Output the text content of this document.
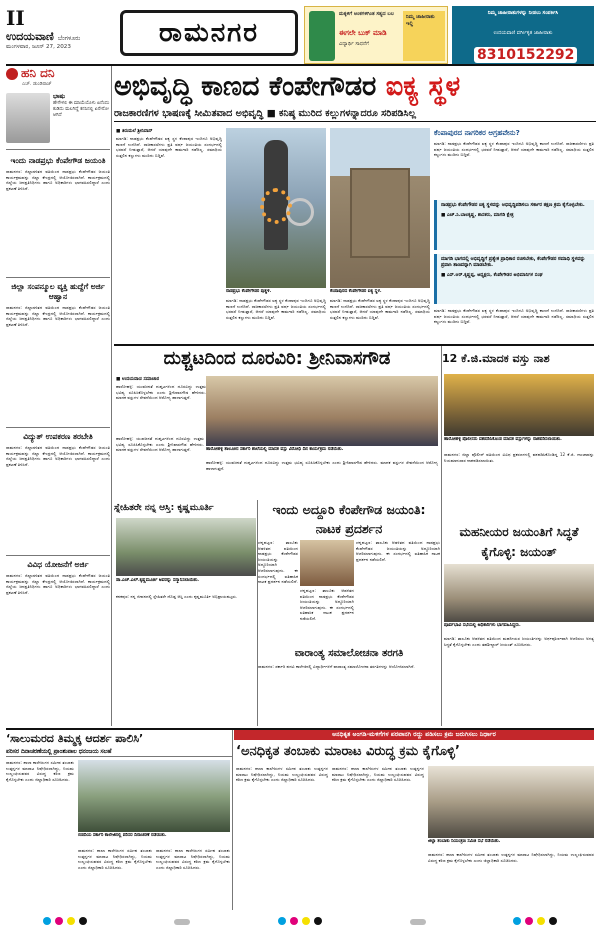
II
ಉದಯವಾಣಿ ಬೆಂಗಳೂರು
ಮಂಗಳವಾರ, ಜೂನ್ 27, 2023	ರಾಮನಗರ
ಮಕ್ಕಳಿಗೆ ಅಂಕಗಳಿಗಿಂತ ಸತ್ಯದ ಬಲ
ಈಗಲೇ ಬುಕ್ ಮಾಡಿ
ವಿದ್ಯಾರ್ಥಿ ಸಾಧನೆಗೆ
ನಿಮ್ಮ ಜಾಹೀರಾತು ಇಲ್ಲಿ
ನಿಮ್ಮ ಜಾಹೀರಾತುಗಳನ್ನು ನೀಡಲು ಸಂಪರ್ಕಿಸಿ
ಉದಯವಾಣಿ ವರ್ಗೀಕೃತ ಜಾಹೀರಾತು
8310152292
ಹನಿ ದನಿ
ಎಚ್. ಡುಂಡಿರಾಜ್
ಭಾಷು
ಹೇಗೇಳಲಿ ಈ ಮಾಯೆಯೊಳು ಏನೆಂದು ಕುಡಿದು ಮಲಗಿದ್ದೆ ಕನಸಿನಲ್ಲಿ ಏನೇನೋ ಆಗಿದೆ
ಇಂದು ನಾಡಪ್ರಭು ಕೆಂಪೇಗೌಡ ಜಯಂತಿ
ರಾಮನಗರ: ಜಿಲ್ಲಾಡಳಿತದ ವತಿಯಿಂದ ನಾಡಪ್ರಭು ಕೆಂಪೇಗೌಡರ ಜಯಂತಿ ಕಾರ್ಯಕ್ರಮವನ್ನು ಜಿಲ್ಲಾ ಕೇಂದ್ರದಲ್ಲಿ ಆಯೋಜಿಸಲಾಗಿದೆ. ಕಾರ್ಯಕ್ರಮದಲ್ಲಿ ಜಿಲ್ಲೆಯ ಜನಪ್ರತಿನಿಧಿಗಳು ಹಾಗೂ ಅಧಿಕಾರಿಗಳು ಭಾಗವಹಿಸಲಿದ್ದಾರೆ ಎಂದು ಪ್ರಕಟಣೆ ತಿಳಿಸಿದೆ.
ಜಿಲ್ಲಾ ಸಂಪನ್ಮೂಲ ವ್ಯಕ್ತಿ ಹುದ್ದೆಗೆ ಅರ್ಜಿ ಆಹ್ವಾನ
ರಾಮನಗರ: ಜಿಲ್ಲಾಡಳಿತದ ವತಿಯಿಂದ ನಾಡಪ್ರಭು ಕೆಂಪೇಗೌಡರ ಜಯಂತಿ ಕಾರ್ಯಕ್ರಮವನ್ನು ಜಿಲ್ಲಾ ಕೇಂದ್ರದಲ್ಲಿ ಆಯೋಜಿಸಲಾಗಿದೆ. ಕಾರ್ಯಕ್ರಮದಲ್ಲಿ ಜಿಲ್ಲೆಯ ಜನಪ್ರತಿನಿಧಿಗಳು ಹಾಗೂ ಅಧಿಕಾರಿಗಳು ಭಾಗವಹಿಸಲಿದ್ದಾರೆ ಎಂದು ಪ್ರಕಟಣೆ ತಿಳಿಸಿದೆ.
ವಿದ್ಯುತ್ ಉಪಕರಣ ತರಬೇತಿ
ರಾಮನಗರ: ಜಿಲ್ಲಾಡಳಿತದ ವತಿಯಿಂದ ನಾಡಪ್ರಭು ಕೆಂಪೇಗೌಡರ ಜಯಂತಿ ಕಾರ್ಯಕ್ರಮವನ್ನು ಜಿಲ್ಲಾ ಕೇಂದ್ರದಲ್ಲಿ ಆಯೋಜಿಸಲಾಗಿದೆ. ಕಾರ್ಯಕ್ರಮದಲ್ಲಿ ಜಿಲ್ಲೆಯ ಜನಪ್ರತಿನಿಧಿಗಳು ಹಾಗೂ ಅಧಿಕಾರಿಗಳು ಭಾಗವಹಿಸಲಿದ್ದಾರೆ ಎಂದು ಪ್ರಕಟಣೆ ತಿಳಿಸಿದೆ.
ವಿವಿಧ ಯೋಜನೆಗೆ ಅರ್ಜಿ
ರಾಮನಗರ: ಜಿಲ್ಲಾಡಳಿತದ ವತಿಯಿಂದ ನಾಡಪ್ರಭು ಕೆಂಪೇಗೌಡರ ಜಯಂತಿ ಕಾರ್ಯಕ್ರಮವನ್ನು ಜಿಲ್ಲಾ ಕೇಂದ್ರದಲ್ಲಿ ಆಯೋಜಿಸಲಾಗಿದೆ. ಕಾರ್ಯಕ್ರಮದಲ್ಲಿ ಜಿಲ್ಲೆಯ ಜನಪ್ರತಿನಿಧಿಗಳು ಹಾಗೂ ಅಧಿಕಾರಿಗಳು ಭಾಗವಹಿಸಲಿದ್ದಾರೆ ಎಂದು ಪ್ರಕಟಣೆ ತಿಳಿಸಿದೆ.
ಅಭಿವೃದ್ಧಿ ಕಾಣದ ಕೆಂಪೇಗೌಡರ ಐಕ್ಯ ಸ್ಥಳ
ರಾಜಕಾರಣಿಗಳ ಭಾಷಣಕ್ಕೆ ಸೀಮಿತವಾದ ಅಭಿವೃದ್ಧಿ ■ ಕನಿಷ್ಠ ಮುರಿದ ಕಲ್ಲುಗಳನ್ನಾದರೂ ಸರಿಪಡಿಸಿಲ್ಲ
■ ತಿರುಮಲೆ ಶ್ರೀನಿವಾಸ್
ಮಾಗಡಿ: ನಾಡಪ್ರಭು ಕೆಂಪೇಗೌಡರ ಐಕ್ಯ ಸ್ಥಳ ಕೆಂಪಾಪುರ ಇಂದಿಗೂ ಅಭಿವೃದ್ಧಿ ಕಾಣದೆ ಉಳಿದಿದೆ. ರಾಜಕಾರಣಿಗಳು ಪ್ರತಿ ವರ್ಷ ಜಯಂತಿಯ ಸಂದರ್ಭದಲ್ಲಿ ಭರವಸೆ ನೀಡುತ್ತಾರೆ, ಆದರೆ ಯಾವುದೇ ಕಾಮಗಾರಿ ನಡೆದಿಲ್ಲ. ಸಮಾಧಿಯ ಸುತ್ತಲಿನ ಕಲ್ಲುಗಳು ಮುರಿದು ಬಿದ್ದಿವೆ.
ನಾಡಪ್ರಭು ಕೆಂಪೇಗೌಡರ ಪುತ್ಥಳಿ.	ಕೆಂಪಾಪುರದ ಕೆಂಪೇಗೌಡರ ಐಕ್ಯ ಸ್ಥಳ.
ಮಾಗಡಿ: ನಾಡಪ್ರಭು ಕೆಂಪೇಗೌಡರ ಐಕ್ಯ ಸ್ಥಳ ಕೆಂಪಾಪುರ ಇಂದಿಗೂ ಅಭಿವೃದ್ಧಿ ಕಾಣದೆ ಉಳಿದಿದೆ. ರಾಜಕಾರಣಿಗಳು ಪ್ರತಿ ವರ್ಷ ಜಯಂತಿಯ ಸಂದರ್ಭದಲ್ಲಿ ಭರವಸೆ ನೀಡುತ್ತಾರೆ, ಆದರೆ ಯಾವುದೇ ಕಾಮಗಾರಿ ನಡೆದಿಲ್ಲ. ಸಮಾಧಿಯ ಸುತ್ತಲಿನ ಕಲ್ಲುಗಳು ಮುರಿದು ಬಿದ್ದಿವೆ.
ಮಾಗಡಿ: ನಾಡಪ್ರಭು ಕೆಂಪೇಗೌಡರ ಐಕ್ಯ ಸ್ಥಳ ಕೆಂಪಾಪುರ ಇಂದಿಗೂ ಅಭಿವೃದ್ಧಿ ಕಾಣದೆ ಉಳಿದಿದೆ. ರಾಜಕಾರಣಿಗಳು ಪ್ರತಿ ವರ್ಷ ಜಯಂತಿಯ ಸಂದರ್ಭದಲ್ಲಿ ಭರವಸೆ ನೀಡುತ್ತಾರೆ, ಆದರೆ ಯಾವುದೇ ಕಾಮಗಾರಿ ನಡೆದಿಲ್ಲ. ಸಮಾಧಿಯ ಸುತ್ತಲಿನ ಕಲ್ಲುಗಳು ಮುರಿದು ಬಿದ್ದಿವೆ.
ಕೆಂಪಾಪುರದ ನಾಗರಿಕರ ಆಗ್ರಹವೇನು?
ಮಾಗಡಿ: ನಾಡಪ್ರಭು ಕೆಂಪೇಗೌಡರ ಐಕ್ಯ ಸ್ಥಳ ಕೆಂಪಾಪುರ ಇಂದಿಗೂ ಅಭಿವೃದ್ಧಿ ಕಾಣದೆ ಉಳಿದಿದೆ. ರಾಜಕಾರಣಿಗಳು ಪ್ರತಿ ವರ್ಷ ಜಯಂತಿಯ ಸಂದರ್ಭದಲ್ಲಿ ಭರವಸೆ ನೀಡುತ್ತಾರೆ, ಆದರೆ ಯಾವುದೇ ಕಾಮಗಾರಿ ನಡೆದಿಲ್ಲ. ಸಮಾಧಿಯ ಸುತ್ತಲಿನ ಕಲ್ಲುಗಳು ಮುರಿದು ಬಿದ್ದಿವೆ.
ನಾಡಪ್ರಭು ಕೆಂಪೇಗೌಡರ ಐಕ್ಯ ಸ್ಥಳವನ್ನು ಅಭಿವೃದ್ಧಿಪಡಿಸಲು ಸರ್ಕಾರ ತಕ್ಷಣ ಕ್ರಮ ಕೈಗೊಳ್ಳಬೇಕು.
■ ಎಚ್.ಸಿ.ಬಾಲಕೃಷ್ಣ, ಶಾಸಕರು, ಮಾಗಡಿ ಕ್ಷೇತ್ರ
ಮಾಗಡಿ ಭಾಗದಲ್ಲಿ ಅಭಿವೃದ್ಧಿಗೆ ಪ್ರತ್ಯೇಕ ಪ್ರಾಧಿಕಾರ ರಚಿಸಬೇಕು, ಕೆಂಪೇಗೌಡರ ಸಮಾಧಿ ಸ್ಥಳವನ್ನು ಪ್ರವಾಸಿ ತಾಣವನ್ನಾಗಿ ಮಾಡಬೇಕು.
■ ಎಸ್.ಆರ್.ಕೃಷ್ಣಪ್ಪ, ಅಧ್ಯಕ್ಷರು, ಕೆಂಪೇಗೌಡರ ಅಭಿಮಾನಿಗಳ ಸಂಘ
ಮಾಗಡಿ: ನಾಡಪ್ರಭು ಕೆಂಪೇಗೌಡರ ಐಕ್ಯ ಸ್ಥಳ ಕೆಂಪಾಪುರ ಇಂದಿಗೂ ಅಭಿವೃದ್ಧಿ ಕಾಣದೆ ಉಳಿದಿದೆ. ರಾಜಕಾರಣಿಗಳು ಪ್ರತಿ ವರ್ಷ ಜಯಂತಿಯ ಸಂದರ್ಭದಲ್ಲಿ ಭರವಸೆ ನೀಡುತ್ತಾರೆ, ಆದರೆ ಯಾವುದೇ ಕಾಮಗಾರಿ ನಡೆದಿಲ್ಲ. ಸಮಾಧಿಯ ಸುತ್ತಲಿನ ಕಲ್ಲುಗಳು ಮುರಿದು ಬಿದ್ದಿವೆ.
ದುಶ್ಚಟದಿಂದ ದೂರವಿರಿ: ಶ್ರೀನಿವಾಸಗೌಡ
■ ಉದಯವಾಣಿ ಸಮಾಚಾರ
ಹಾರೋಹಳ್ಳಿ: ಯುವಜನತೆ ದುಶ್ಚಟಗಳಿಂದ ದೂರವಿದ್ದು ಉತ್ತಮ ಭವಿಷ್ಯ ರೂಪಿಸಿಕೊಳ್ಳಬೇಕು ಎಂದು ಶ್ರೀನಿವಾಸಗೌಡ ಹೇಳಿದರು. ಮಾದಕ ವಸ್ತುಗಳ ಸೇವನೆಯಿಂದ ಆರೋಗ್ಯ ಹಾಳಾಗುತ್ತದೆ.
ಹಾರೋಹಳ್ಳಿ ತಾಲೂಕಿನ ಸರ್ಕಾರಿ ಶಾಲೆಯಲ್ಲಿ ಮಾದಕ ವಸ್ತು ವಿರೋಧಿ ದಿನ ಕಾರ್ಯಕ್ರಮ ನಡೆಯಿತು.
ಹಾರೋಹಳ್ಳಿ: ಯುವಜನತೆ ದುಶ್ಚಟಗಳಿಂದ ದೂರವಿದ್ದು ಉತ್ತಮ ಭವಿಷ್ಯ ರೂಪಿಸಿಕೊಳ್ಳಬೇಕು ಎಂದು ಶ್ರೀನಿವಾಸಗೌಡ ಹೇಳಿದರು. ಮಾದಕ ವಸ್ತುಗಳ ಸೇವನೆಯಿಂದ ಆರೋಗ್ಯ ಹಾಳಾಗುತ್ತದೆ.
ಹಾರೋಹಳ್ಳಿ: ಯುವಜನತೆ ದುಶ್ಚಟಗಳಿಂದ ದೂರವಿದ್ದು ಉತ್ತಮ ಭವಿಷ್ಯ ರೂಪಿಸಿಕೊಳ್ಳಬೇಕು ಎಂದು ಶ್ರೀನಿವಾಸಗೌಡ ಹೇಳಿದರು. ಮಾದಕ ವಸ್ತುಗಳ ಸೇವನೆಯಿಂದ ಆರೋಗ್ಯ ಹಾಳಾಗುತ್ತದೆ.
12 ಕೆ.ಜಿ.ಮಾದಕ ವಸ್ತು ನಾಶ
ಹಾರೋಹಳ್ಳಿ ಪೊಲೀಸರು ವಶಪಡಿಸಿಕೊಂಡ ಮಾದಕ ವಸ್ತುಗಳನ್ನು ನಾಶಪಡಿಸಲಾಯಿತು.
ರಾಮನಗರ: ಜಿಲ್ಲಾ ಪೊಲೀಸ್ ವತಿಯಿಂದ ವಿವಿಧ ಪ್ರಕರಣಗಳಲ್ಲಿ ವಶಪಡಿಸಿಕೊಂಡಿದ್ದ 12 ಕೆ.ಜಿ. ಗಾಂಜಾವನ್ನು ನಿಯಮಾನುಸಾರ ನಾಶಪಡಿಸಲಾಯಿತು.
ಸ್ನೇಹಿತರೇ ನನ್ನ ಆಸ್ತಿ: ಕೃಷ್ಣಮೂರ್ತಿ
ಡಾ.ಎಚ್.ಎಲ್.ಕೃಷ್ಣಮೂರ್ತಿ ಅವರನ್ನು ಸನ್ಮಾನಿಸಲಾಯಿತು.
ಕನಕಪುರ: ನನ್ನ ಜೀವನದಲ್ಲಿ ಸ್ನೇಹಿತರೇ ದೊಡ್ಡ ಆಸ್ತಿ ಎಂದು ಕೃಷ್ಣಮೂರ್ತಿ ಅಭಿಪ್ರಾಯಪಟ್ಟರು.
ಇಂದು ಅದ್ದೂರಿ ಕೆಂಪೇಗೌಡ ಜಯಂತಿ: ನಾಟಕ ಪ್ರದರ್ಶನ
ಚನ್ನಪಟ್ಟಣ: ತಾಲೂಕು ಆಡಳಿತದ ವತಿಯಿಂದ ನಾಡಪ್ರಭು ಕೆಂಪೇಗೌಡರ ಜಯಂತಿಯನ್ನು ಅದ್ದೂರಿಯಾಗಿ ಆಚರಿಸಲಾಗುವುದು. ಈ ಸಂದರ್ಭದಲ್ಲಿ ಐತಿಹಾಸಿಕ ನಾಟಕ ಪ್ರದರ್ಶನ ನಡೆಯಲಿದೆ.
ಚನ್ನಪಟ್ಟಣ: ತಾಲೂಕು ಆಡಳಿತದ ವತಿಯಿಂದ ನಾಡಪ್ರಭು ಕೆಂಪೇಗೌಡರ ಜಯಂತಿಯನ್ನು ಅದ್ದೂರಿಯಾಗಿ ಆಚರಿಸಲಾಗುವುದು. ಈ ಸಂದರ್ಭದಲ್ಲಿ ಐತಿಹಾಸಿಕ ನಾಟಕ ಪ್ರದರ್ಶನ ನಡೆಯಲಿದೆ.
ಚನ್ನಪಟ್ಟಣ: ತಾಲೂಕು ಆಡಳಿತದ ವತಿಯಿಂದ ನಾಡಪ್ರಭು ಕೆಂಪೇಗೌಡರ ಜಯಂತಿಯನ್ನು ಅದ್ದೂರಿಯಾಗಿ ಆಚರಿಸಲಾಗುವುದು. ಈ ಸಂದರ್ಭದಲ್ಲಿ ಐತಿಹಾಸಿಕ ನಾಟಕ ಪ್ರದರ್ಶನ ನಡೆಯಲಿದೆ.
ವಾರಾಂತ್ಯ ಸಮಾಲೋಚನಾ ತರಗತಿ
ರಾಮನಗರ: ಸರ್ಕಾರಿ ಪದವಿ ಕಾಲೇಜಿನಲ್ಲಿ ವಿದ್ಯಾರ್ಥಿಗಳಿಗೆ ವಾರಾಂತ್ಯ ಸಮಾಲೋಚನಾ ತರಗತಿಗಳನ್ನು ಆಯೋಜಿಸಲಾಗಿದೆ.
ಮಹನೀಯರ ಜಯಂತಿಗೆ ಸಿದ್ಧತೆ ಕೈಗೊಳ್ಳಿ: ಜಯಂತ್
ಪೂರ್ವಭಾವಿ ಸಭೆಯಲ್ಲಿ ಅಧಿಕಾರಿಗಳು ಭಾಗವಹಿಸಿದ್ದರು.
ಮಾಗಡಿ: ತಾಲೂಕು ಆಡಳಿತದ ವತಿಯಿಂದ ಮಹನೀಯರ ಜಯಂತಿಗಳನ್ನು ಅರ್ಥಪೂರ್ಣವಾಗಿ ಆಚರಿಸಲು ಅಗತ್ಯ ಸಿದ್ಧತೆ ಕೈಗೊಳ್ಳಬೇಕು ಎಂದು ತಹಶೀಲ್ದಾರ್ ಜಯಂತ್ ಸೂಚಿಸಿದರು.
ಅನಧಿಕೃತ ಅಂಗಡಿ-ಮಳಿಗೆಗಳ ಪರವಾನಗಿ ರದ್ದು ಪಡಿಸಲು ಕ್ರಮ ಜರುಗಿಸಲು ನಿರ್ಧಾರ
‘ಸಾಲುಮರದ ತಿಮ್ಮಕ್ಕ ಆದರ್ಶ ಪಾಲಿಸಿ’
ಪರಿಸರ ದಿನಾಚರಣೆಯಲ್ಲಿ ಪ್ರಾಂಶುಪಾಲ ಧನಂಜಯ ಸಲಹೆ
ರಾಮನಗರ: ಶಾಲಾ ಕಾಲೇಜುಗಳ ಸಮೀಪ ತಂಬಾಕು ಉತ್ಪನ್ನಗಳ ಮಾರಾಟ ನಿಷೇಧಿಸಲಾಗಿದ್ದು, ನಿಯಮ ಉಲ್ಲಂಘಿಸುವವರ ವಿರುದ್ಧ ಕಠಿಣ ಕ್ರಮ ಕೈಗೊಳ್ಳಬೇಕು ಎಂದು ಜಿಲ್ಲಾಧಿಕಾರಿ ಸೂಚಿಸಿದರು.
ಬಿಡದಿಯ ಸರ್ಕಾರಿ ಕಾಲೇಜಿನಲ್ಲಿ ಪರಿಸರ ದಿನಾಚರಣೆ ನಡೆಯಿತು.
ರಾಮನಗರ: ಶಾಲಾ ಕಾಲೇಜುಗಳ ಸಮೀಪ ತಂಬಾಕು ಉತ್ಪನ್ನಗಳ ಮಾರಾಟ ನಿಷೇಧಿಸಲಾಗಿದ್ದು, ನಿಯಮ ಉಲ್ಲಂಘಿಸುವವರ ವಿರುದ್ಧ ಕಠಿಣ ಕ್ರಮ ಕೈಗೊಳ್ಳಬೇಕು ಎಂದು ಜಿಲ್ಲಾಧಿಕಾರಿ ಸೂಚಿಸಿದರು.
ರಾಮನಗರ: ಶಾಲಾ ಕಾಲೇಜುಗಳ ಸಮೀಪ ತಂಬಾಕು ಉತ್ಪನ್ನಗಳ ಮಾರಾಟ ನಿಷೇಧಿಸಲಾಗಿದ್ದು, ನಿಯಮ ಉಲ್ಲಂಘಿಸುವವರ ವಿರುದ್ಧ ಕಠಿಣ ಕ್ರಮ ಕೈಗೊಳ್ಳಬೇಕು ಎಂದು ಜಿಲ್ಲಾಧಿಕಾರಿ ಸೂಚಿಸಿದರು.
‘ಅನಧಿಕೃತ ತಂಬಾಕು ಮಾರಾಟ ವಿರುದ್ಧ ಕ್ರಮ ಕೈಗೊಳ್ಳಿ’
ರಾಮನಗರ: ಶಾಲಾ ಕಾಲೇಜುಗಳ ಸಮೀಪ ತಂಬಾಕು ಉತ್ಪನ್ನಗಳ ಮಾರಾಟ ನಿಷೇಧಿಸಲಾಗಿದ್ದು, ನಿಯಮ ಉಲ್ಲಂಘಿಸುವವರ ವಿರುದ್ಧ ಕಠಿಣ ಕ್ರಮ ಕೈಗೊಳ್ಳಬೇಕು ಎಂದು ಜಿಲ್ಲಾಧಿಕಾರಿ ಸೂಚಿಸಿದರು.
ರಾಮನಗರ: ಶಾಲಾ ಕಾಲೇಜುಗಳ ಸಮೀಪ ತಂಬಾಕು ಉತ್ಪನ್ನಗಳ ಮಾರಾಟ ನಿಷೇಧಿಸಲಾಗಿದ್ದು, ನಿಯಮ ಉಲ್ಲಂಘಿಸುವವರ ವಿರುದ್ಧ ಕಠಿಣ ಕ್ರಮ ಕೈಗೊಳ್ಳಬೇಕು ಎಂದು ಜಿಲ್ಲಾಧಿಕಾರಿ ಸೂಚಿಸಿದರು.
ಜಿಲ್ಲಾ ತಂಬಾಕು ನಿಯಂತ್ರಣ ಸಮಿತಿ ಸಭೆ ನಡೆಯಿತು.
ರಾಮನಗರ: ಶಾಲಾ ಕಾಲೇಜುಗಳ ಸಮೀಪ ತಂಬಾಕು ಉತ್ಪನ್ನಗಳ ಮಾರಾಟ ನಿಷೇಧಿಸಲಾಗಿದ್ದು, ನಿಯಮ ಉಲ್ಲಂಘಿಸುವವರ ವಿರುದ್ಧ ಕಠಿಣ ಕ್ರಮ ಕೈಗೊಳ್ಳಬೇಕು ಎಂದು ಜಿಲ್ಲಾಧಿಕಾರಿ ಸೂಚಿಸಿದರು.
